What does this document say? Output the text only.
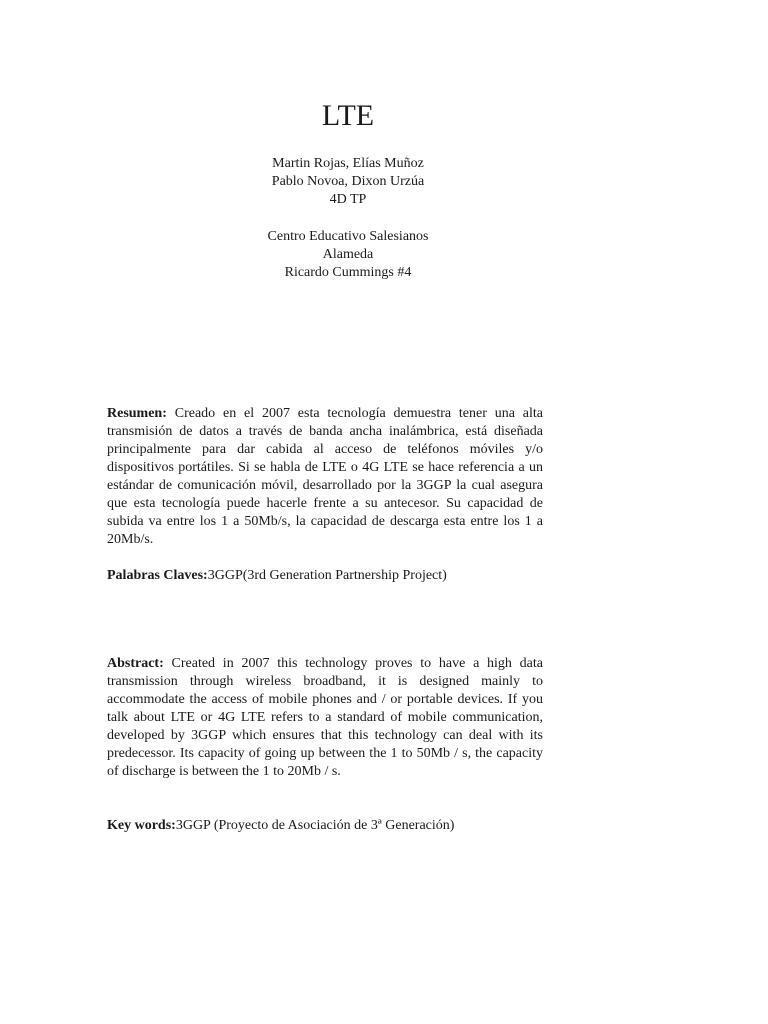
LTE
Martin Rojas, Elías Muñoz
Pablo Novoa, Dixon Urzúa
4D TP
Centro Educativo Salesianos
Alameda
Ricardo Cummings #4
Resumen: Creado en el 2007 esta tecnología demuestra tener una alta transmisión de datos a través de banda ancha inalámbrica, está diseñada principalmente para dar cabida al acceso de teléfonos móviles y/o dispositivos portátiles. Si se habla de LTE o 4G LTE se hace referencia a un estándar de comunicación móvil, desarrollado por la 3GGP la cual asegura que esta tecnología puede hacerle frente a su antecesor. Su capacidad de subida va entre los 1 a 50Mb/s, la capacidad de descarga esta entre los 1 a 20Mb/s.
Palabras Claves:3GGP(3rd Generation Partnership Project)
Abstract: Created in 2007 this technology proves to have a high data transmission through wireless broadband, it is designed mainly to accommodate the access of mobile phones and / or portable devices. If you talk about LTE or 4G LTE refers to a standard of mobile communication, developed by 3GGP which ensures that this technology can deal with its predecessor. Its capacity of going up between the 1 to 50Mb / s, the capacity of discharge is between the 1 to 20Mb / s.
Key words:3GGP (Proyecto de Asociación de 3ª Generación)
